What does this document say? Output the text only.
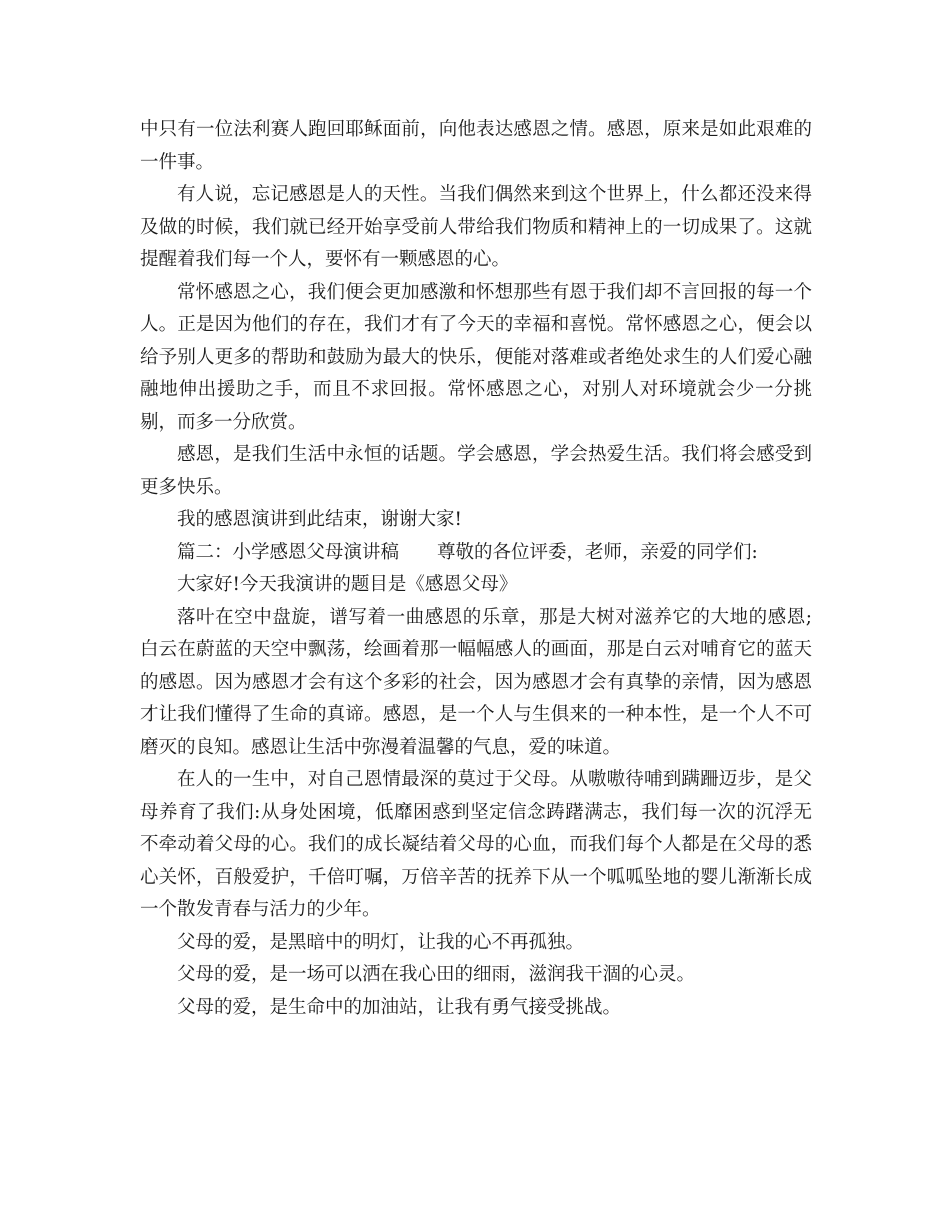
中只有一位法利赛人跑回耶稣面前，向他表达感恩之情。感恩，原来是如此艰难的一件事。

有人说，忘记感恩是人的天性。当我们偶然来到这个世界上，什么都还没来得及做的时候，我们就已经开始享受前人带给我们物质和精神上的一切成果了。这就提醒着我们每一个人，要怀有一颗感恩的心。

常怀感恩之心，我们便会更加感激和怀想那些有恩于我们却不言回报的每一个人。正是因为他们的存在，我们才有了今天的幸福和喜悦。常怀感恩之心，便会以给予别人更多的帮助和鼓励为最大的快乐，便能对落难或者绝处求生的人们爱心融融地伸出援助之手，而且不求回报。常怀感恩之心，对别人对环境就会少一分挑剔，而多一分欣赏。

感恩，是我们生活中永恒的话题。学会感恩，学会热爱生活。我们将会感受到更多快乐。

我的感恩演讲到此结束，谢谢大家!

篇二：小学感恩父母演讲稿 尊敬的各位评委，老师，亲爱的同学们:

大家好!今天我演讲的题目是《感恩父母》

落叶在空中盘旋，谱写着一曲感恩的乐章，那是大树对滋养它的大地的感恩;白云在蔚蓝的天空中飘荡，绘画着那一幅幅感人的画面，那是白云对哺育它的蓝天的感恩。因为感恩才会有这个多彩的社会，因为感恩才会有真挚的亲情，因为感恩才让我们懂得了生命的真谛。感恩，是一个人与生俱来的一种本性，是一个人不可磨灭的良知。感恩让生活中弥漫着温馨的气息，爱的味道。

在人的一生中，对自己恩情最深的莫过于父母。从嗷嗷待哺到蹒跚迈步，是父母养育了我们:从身处困境，低靡困惑到坚定信念踌躇满志，我们每一次的沉浮无不牵动着父母的心。我们的成长凝结着父母的心血，而我们每个人都是在父母的悉心关怀，百般爱护，千倍叮嘱，万倍辛苦的抚养下从一个呱呱坠地的婴儿渐渐长成一个散发青春与活力的少年。

父母的爱，是黑暗中的明灯，让我的心不再孤独。

父母的爱，是一场可以洒在我心田的细雨，滋润我干涸的心灵。

父母的爱，是生命中的加油站，让我有勇气接受挑战。
